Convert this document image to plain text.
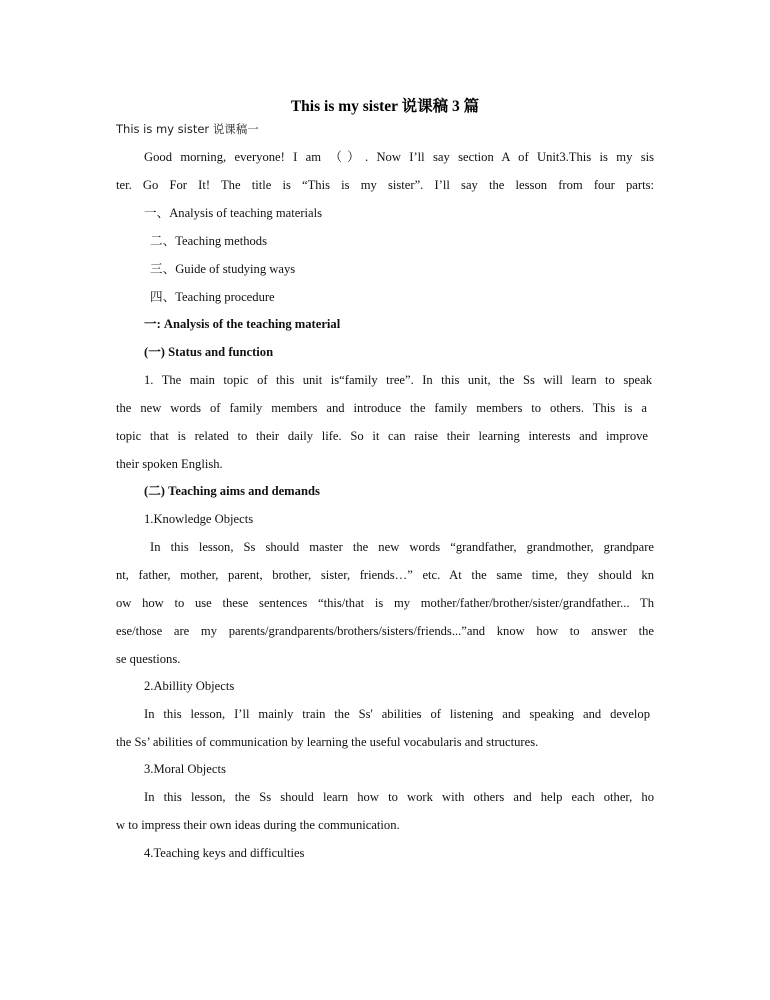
This is my sister 说课稿 3 篇
This is my sister 说课稿一
Good morning, everyone! I am （）. Now I’ll say section A of Unit3.This is my sis
ter. Go For It! The title is “This is my sister”. I’ll say the lesson from four parts:
一、Analysis of teaching materials
二、Teaching methods
三、Guide of studying ways
四、Teaching procedure
一: Analysis of the teaching material
(一) Status and function
1. The main topic of this unit is“family tree”. In this unit, the Ss will learn to speak
the new words of family members and introduce the family members to others. This is a
topic that is related to their daily life. So it can raise their learning interests and improve
their spoken English.
(二) Teaching aims and demands
1.Knowledge Objects
In this lesson, Ss should master the new words “grandfather, grandmother, grandpare
nt, father, mother, parent, brother, sister, friends…” etc. At the same time, they should kn
ow how to use these sentences “this/that is my mother/father/brother/sister/grandfather... Th
ese/those are my parents/grandparents/brothers/sisters/friends...”and know how to answer the
se questions.
2.Abillity Objects
In this lesson, I’ll mainly train the Ss' abilities of listening and speaking and develop
the Ss’ abilities of communication by learning the useful vocabularis and structures.
3.Moral Objects
In this lesson, the Ss should learn how to work with others and help each other, ho
w to impress their own ideas during the communication.
4.Teaching keys and difficulties
